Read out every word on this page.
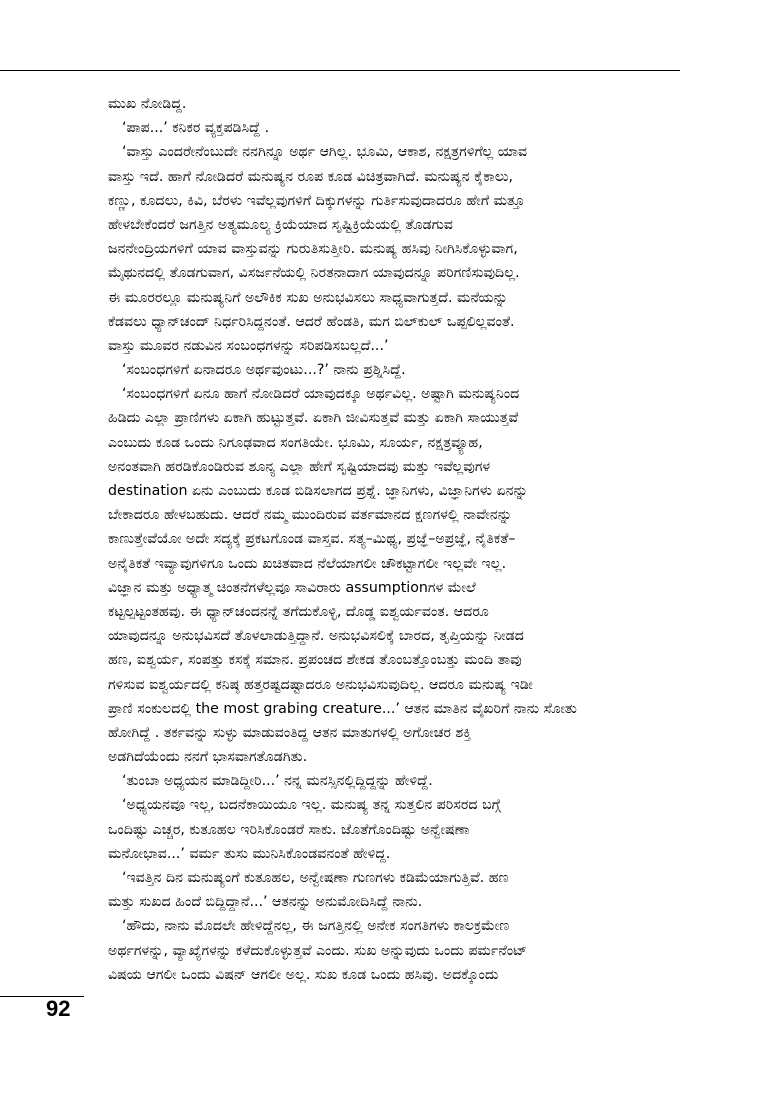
ಮುಖ ನೋಡಿದ್ದ.
‘ಪಾಪ...’ ಕನಿಕರ ವ್ಯಕ್ತಪಡಿಸಿದ್ದೆ .
‘ವಾಸ್ತು ಎಂದರೇನೆಂಬುದೇ ನನಗಿನ್ನೂ ಅರ್ಥ ಆಗಿಲ್ಲ. ಭೂಮಿ, ಆಕಾಶ, ನಕ್ಷತ್ರಗಳಿಗೆಲ್ಲ ಯಾವ
ವಾಸ್ತು ಇದೆ. ಹಾಗೆ ನೋಡಿದರೆ ಮನುಷ್ಯನ ರೂಪ ಕೂಡ ವಿಚಿತ್ರವಾಗಿದೆ. ಮನುಷ್ಯನ ಕೈಕಾಲು,
ಕಣ್ಣು, ಕೂದಲು, ಕಿವಿ, ಬೆರಳು ಇವೆಲ್ಲವುಗಳಿಗೆ ದಿಕ್ಕುಗಳನ್ನು ಗುರ್ತಿಸುವುದಾದರೂ ಹೇಗೆ ಮತ್ತೂ
ಹೇಳಬೇಕೆಂದರೆ ಜಗತ್ತಿನ ಅತ್ಯಮೂಲ್ಯ ಕ್ರಿಯೆಯಾದ ಸೃಷ್ಟಿಕ್ರಿಯೆಯಲ್ಲಿ ತೊಡಗುವ
ಜನನೇಂದ್ರಿಯಗಳಿಗೆ ಯಾವ ವಾಸ್ತುವನ್ನು ಗುರುತಿಸುತ್ತೀರಿ. ಮನುಷ್ಯ ಹಸಿವು ನೀಗಿಸಿಕೊಳ್ಳುವಾಗ,
ಮೈಥುನದಲ್ಲಿ ತೊಡಗುವಾಗ, ವಿಸರ್ಜನೆಯಲ್ಲಿ ನಿರತನಾದಾಗ ಯಾವುದನ್ನೂ ಪರಿಗಣಿಸುವುದಿಲ್ಲ.
ಈ ಮೂರರಲ್ಲೂ ಮನುಷ್ಯನಿಗೆ ಅಲೌಕಿಕ ಸುಖ ಅನುಭವಿಸಲು ಸಾಧ್ಯವಾಗುತ್ತದೆ. ಮನೆಯನ್ನು
ಕೆಡವಲು ಧ್ಯಾನ್‌ಚಂದ್ ನಿರ್ಧರಿಸಿದ್ದನಂತೆ. ಆದರೆ ಹೆಂಡತಿ, ಮಗ ಬಿಲ್‌ಕುಲ್ ಒಪ್ಪಲಿಲ್ಲವಂತೆ.
ವಾಸ್ತು ಮೂವರ ನಡುವಿನ ಸಂಬಂಧಗಳನ್ನು ಸರಿಪಡಿಸಬಲ್ಲದೆ...’
‘ಸಂಬಂಧಗಳಿಗೆ ಏನಾದರೂ ಅರ್ಥವುಂಟು...?’ ನಾನು ಪ್ರಶ್ನಿಸಿದ್ದೆ.
‘ಸಂಬಂಧಗಳಿಗೆ ಏನೂ ಹಾಗೆ ನೋಡಿದರೆ ಯಾವುದಕ್ಕೂ ಅರ್ಥವಿಲ್ಲ. ಅಷ್ಟಾಗಿ ಮನುಷ್ಯನಿಂದ
ಹಿಡಿದು ಎಲ್ಲಾ ಪ್ರಾಣಿಗಳು ಏಕಾಗಿ ಹುಟ್ಟುತ್ತವೆ. ಏಕಾಗಿ ಜೀವಿಸುತ್ತವೆ ಮತ್ತು ಏಕಾಗಿ ಸಾಯುತ್ತವೆ
ಎಂಬುದು ಕೂಡ ಒಂದು ನಿಗೂಢವಾದ ಸಂಗತಿಯೇ. ಭೂಮಿ, ಸೂರ್ಯ, ನಕ್ಷತ್ರವ್ಯೂಹ,
ಅನಂತವಾಗಿ ಹರಡಿಕೊಂಡಿರುವ ಶೂನ್ಯ ಎಲ್ಲಾ ಹೇಗೆ ಸೃಷ್ಟಿಯಾದವು ಮತ್ತು ಇವೆಲ್ಲವುಗಳ
destination ಏನು ಎಂಬುದು ಕೂಡ ಬಿಡಿಸಲಾಗದ ಪ್ರಶ್ನೆ. ಜ್ಞಾನಿಗಳು, ವಿಜ್ಞಾನಿಗಳು ಏನನ್ನು
ಬೇಕಾದರೂ ಹೇಳಬಹುದು. ಆದರೆ ನಮ್ಮ ಮುಂದಿರುವ ವರ್ತಮಾನದ ಕ್ಷಣಗಳಲ್ಲಿ ನಾವೇನನ್ನು
ಕಾಣುತ್ತೇವೆಯೋ ಅದೇ ಸದ್ಯಕ್ಕೆ ಪ್ರಕಟಗೊಂಡ ವಾಸ್ತವ. ಸತ್ಯ–ಮಿಥ್ಯ, ಪ್ರಜ್ಞೆ–ಅಪ್ರಜ್ಞೆ, ನೈತಿಕತೆ–
ಅನೈತಿಕತೆ ಇವ್ಯಾವುಗಳಿಗೂ ಒಂದು ಖಚಿತವಾದ ನೆಲೆಯಾಗಲೀ ಚೌಕಟ್ಟಾಗಲೀ ಇಲ್ಲವೇ ಇಲ್ಲ.
ವಿಜ್ಞಾನ ಮತ್ತು ಅಧ್ಯಾತ್ಮ ಚಿಂತನೆಗಳೆಲ್ಲವೂ ಸಾವಿರಾರು assumptionಗಳ ಮೇಲೆ
ಕಟ್ಟಲ್ಪಟ್ಟಂತಹವು. ಈ ಧ್ಯಾನ್‌ಚಂದನನ್ನೆ ತಗೆದುಕೊಳ್ಳಿ, ದೊಡ್ಡ ಐಶ್ವರ್ಯವಂತ. ಆದರೂ
ಯಾವುದನ್ನೂ ಅನುಭವಿಸದೆ ತೊಳಲಾಡುತ್ತಿದ್ದಾನೆ. ಅನುಭವಿಸಲಿಕ್ಕೆ ಬಾರದ, ತೃಪ್ತಿಯನ್ನು ನೀಡದ
ಹಣ, ಐಶ್ವರ್ಯ, ಸಂಪತ್ತು ಕಸಕ್ಕೆ ಸಮಾನ. ಪ್ರಪಂಚದ ಶೇಕಡ ತೊಂಬತ್ತೊಂಬತ್ತು ಮಂದಿ ತಾವು
ಗಳಿಸುವ ಐಶ್ವರ್ಯದಲ್ಲಿ ಕನಿಷ್ಠ ಹತ್ತರಷ್ಟದಷ್ಟಾದರೂ ಅನುಭವಿಸುವುದಿಲ್ಲ. ಆದರೂ ಮನುಷ್ಯ ಇಡೀ
ಪ್ರಾಣಿ ಸಂಕುಲದಲ್ಲಿ the most grabing creature...’ ಆತನ ಮಾತಿನ ವೈಖರಿಗೆ ನಾನು ಸೋತು
ಹೋಗಿದ್ದೆ . ತರ್ಕವನ್ನು ಸುಳ್ಳು ಮಾಡುವಂತಿದ್ದ ಆತನ ಮಾತುಗಳಲ್ಲಿ ಅಗೋಚರ ಶಕ್ತಿ
ಅಡಗಿದೆಯೆಂದು ನನಗೆ ಭಾಸವಾಗತೊಡಗಿತು.
‘ತುಂಬಾ ಅಧ್ಯಯನ ಮಾಡಿದ್ದೀರಿ...’ ನನ್ನ ಮನಸ್ಸಿನಲ್ಲಿದ್ದಿದ್ದನ್ನು ಹೇಳಿದ್ದೆ.
‘ಅಧ್ಯಯನವೂ ಇಲ್ಲ, ಬದನೆಕಾಯಿಯೂ ಇಲ್ಲ. ಮನುಷ್ಯ ತನ್ನ ಸುತ್ತಲಿನ ಪರಿಸರದ ಬಗ್ಗೆ
ಒಂದಿಷ್ಟು ಎಚ್ಚರ, ಕುತೂಹಲ ಇರಿಸಿಕೊಂಡರೆ ಸಾಕು. ಜೊತೆಗೊಂದಿಷ್ಟು ಅನ್ವೇಷಣಾ
ಮನೋಭಾವ...’ ವರ್ಮ ತುಸು ಮುನಿಸಿಕೊಂಡವನಂತೆ ಹೇಳಿದ್ದ.
‘ಇವತ್ತಿನ ದಿನ ಮನುಷ್ಯಂಗೆ ಕುತೂಹಲ, ಅನ್ವೇಷಣಾ ಗುಣಗಳು ಕಡಿಮೆಯಾಗುತ್ತಿವೆ. ಹಣ
ಮತ್ತು ಸುಖದ ಹಿಂದೆ ಬಿದ್ದಿದ್ದಾನೆ...’ ಆತನನ್ನು ಅನುಮೋದಿಸಿದ್ದೆ ನಾನು.
‘ಹೌದು, ನಾನು ಮೊದಲೇ ಹೇಳಿದ್ದೆನಲ್ಲ, ಈ ಜಗತ್ತಿನಲ್ಲಿ ಅನೇಕ ಸಂಗತಿಗಳು ಕಾಲಕ್ರಮೇಣ
ಅರ್ಥಗಳನ್ನು, ವ್ಯಾಖ್ಯೆಗಳನ್ನು ಕಳೆದುಕೊಳ್ಳುತ್ತವೆ ಎಂದು. ಸುಖ ಅನ್ನುವುದು ಒಂದು ಪರ್ಮನೆಂಟ್
ವಿಷಯ ಆಗಲೀ ಒಂದು ವಿಷನ್ ಆಗಲೀ ಅಲ್ಲ. ಸುಖ ಕೂಡ ಒಂದು ಹಸಿವು. ಅದಕ್ಕೊಂದು
92
